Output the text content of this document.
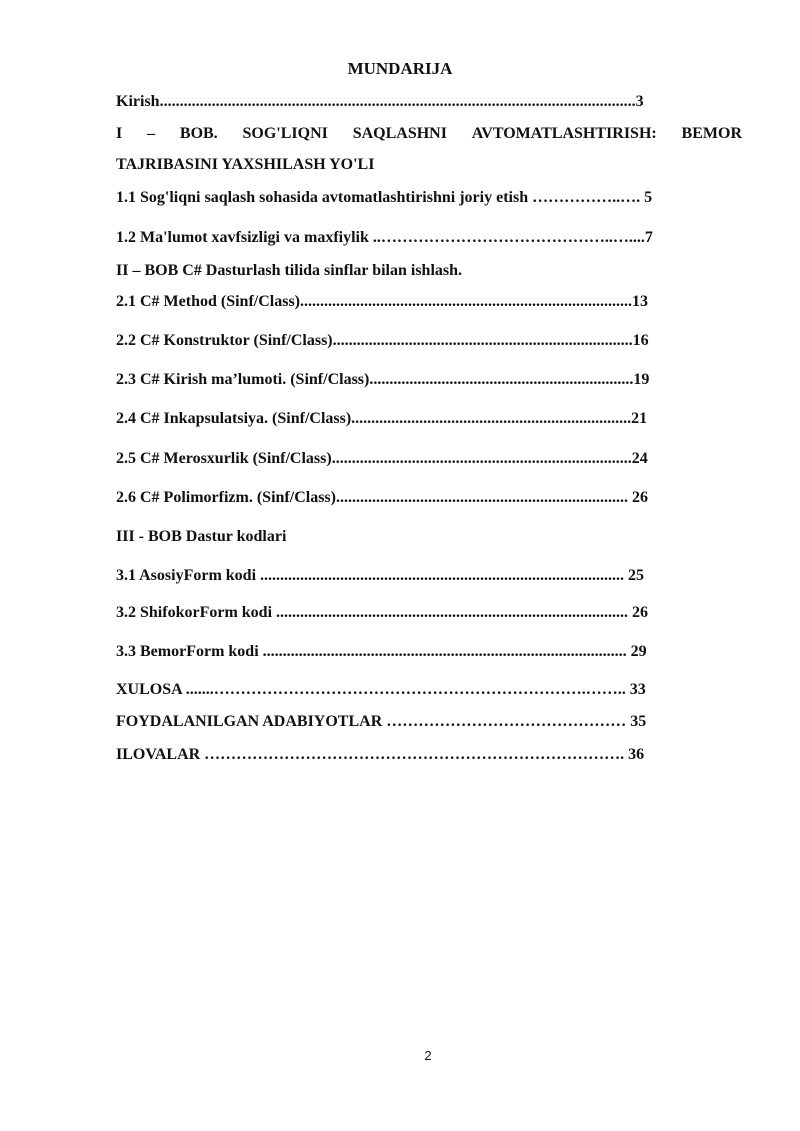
MUNDARIJA
Kirish.......................................................................................................................3
I – BOB. SOG'LIQNI SAQLASHNI AVTOMATLASHTIRISH: BEMOR
TAJRIBASINI YAXSHILASH YO'LI
1.1 Sog'liqni saqlash sohasida avtomatlashtirishni joriy etish ……………..…. 5
1.2 Ma'lumot xavfsizligi va maxfiylik ..……………………………………..…....7
II – BOB C# Dasturlash tilida sinflar bilan ishlash.
2.1 C# Method (Sinf/Class)...................................................................................13
2.2 C# Konstruktor (Sinf/Class)...........................................................................16
2.3 C# Kirish ma’lumoti. (Sinf/Class)..................................................................19
2.4 C# Inkapsulatsiya. (Sinf/Class)......................................................................21
2.5 C# Merosxurlik (Sinf/Class)...........................................................................24
2.6 C# Polimorfizm. (Sinf/Class)......................................................................... 26
III - BOB Dastur kodlari
3.1 AsosiyForm kodi ........................................................................................... 25
3.2 ShifokorForm kodi ........................................................................................ 26
3.3 BemorForm kodi ........................................................................................... 29
XULOSA .......…………………………………………………………….…….. 33
FOYDALANILGAN ADABIYOTLAR ……………………………………… 35
ILOVALAR ……………………………………………………………………. 36
2
